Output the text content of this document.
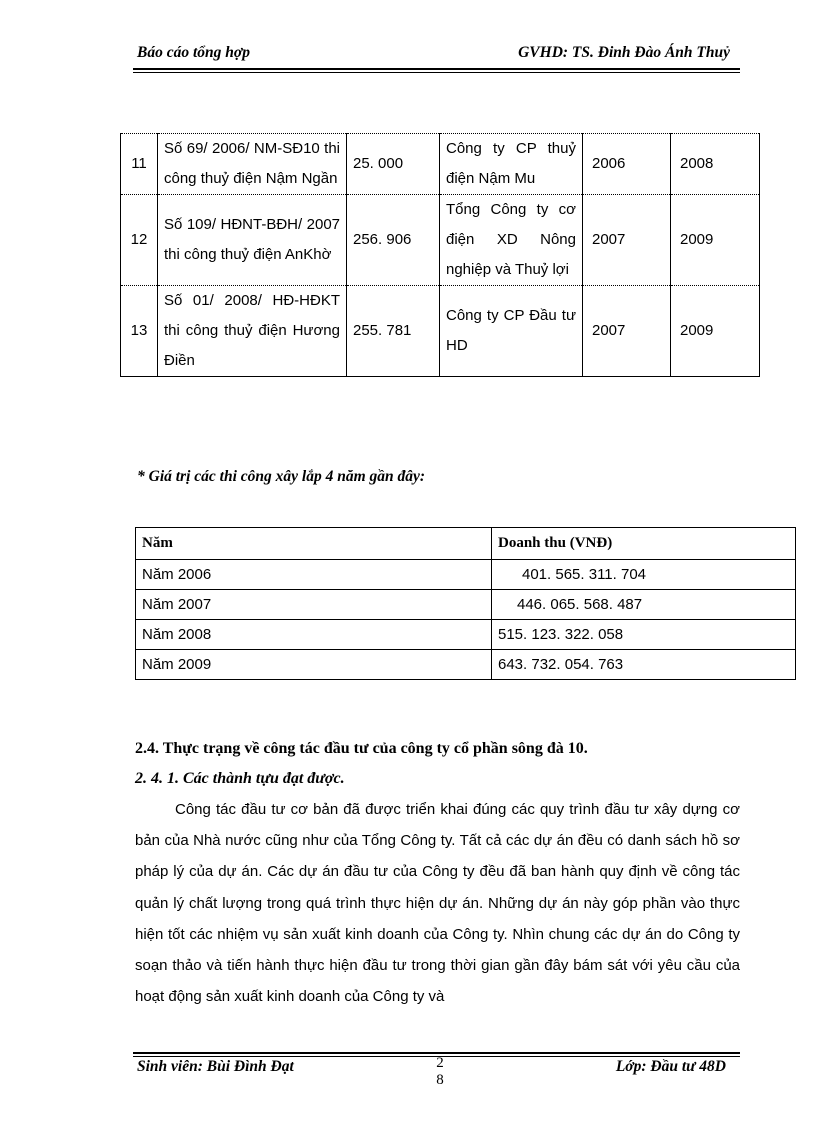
Báo cáo tổng hợp	GVHD: TS. Đinh Đào Ánh Thuỷ
11	Số 69/ 2006/ NM-SĐ10 thi công thuỷ điện Nậm Ngần	25. 000	Công ty CP thuỷ điện Nậm Mu	2006	2008
12	Số 109/ HĐNT-BĐH/ 2007 thi công thuỷ điện AnKhờ	256. 906	Tổng Công ty cơ điện XD Nông nghiệp và Thuỷ lợi	2007	2009
13	Số 01/ 2008/ HĐ-HĐKT thi công thuỷ điện Hương Điền	255. 781	Công ty CP Đầu tư HD	2007	2009
* Giá trị các thi công xây lắp 4 năm gần đây:
Năm	Doanh thu (VNĐ)
Năm 2006	401. 565. 311. 704
Năm 2007	446. 065. 568. 487
Năm 2008	515. 123. 322. 058
Năm 2009	643. 732. 054. 763
2.4. Thực trạng về công tác đầu tư của công ty cổ phần sông đà 10.
2. 4. 1. Các thành tựu đạt được.

Công tác đầu tư cơ bản đã được triển khai đúng các quy trình đầu tư xây dựng cơ bản của Nhà nước cũng như của Tổng Công ty. Tất cả các dự án đều có danh sách hồ sơ pháp lý của dự án. Các dự án đầu tư của Công ty đều đã ban hành quy định về công tác quản lý chất lượng trong quá trình thực hiện dự án. Những dự án này góp phần vào thực hiện tốt các nhiệm vụ sản xuất kinh doanh của Công ty. Nhìn chung các dự án do Công ty soạn thảo và tiến hành thực hiện đầu tư trong thời gian gần đây bám sát với yêu cầu của hoạt động sản xuất kinh doanh của Công ty và

Sinh viên: Bùi Đình Đạt	2
8
Lớp: Đầu tư 48D
